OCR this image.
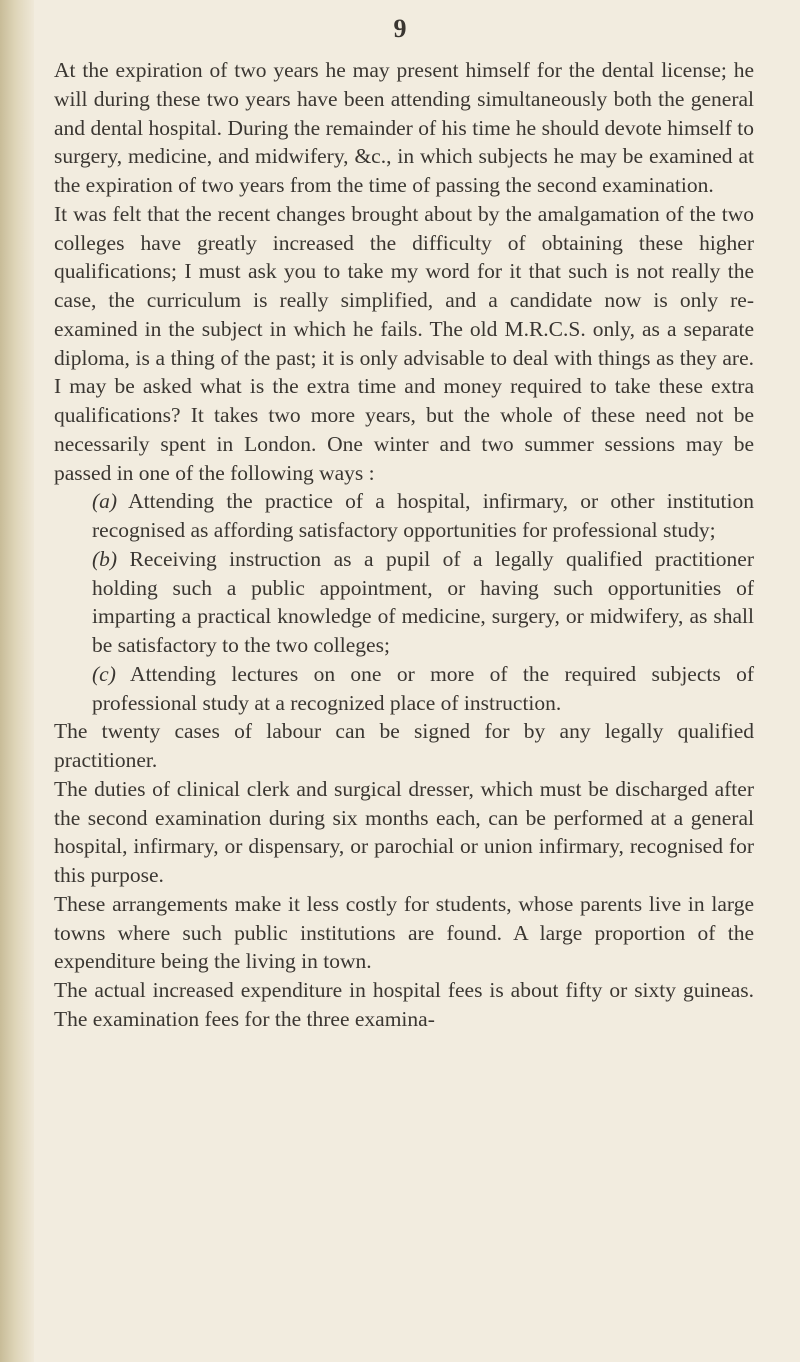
9

At the expiration of two years he may present himself for the dental license; he will during these two years have been attending simultaneously both the general and dental hospital. During the remainder of his time he should devote himself to surgery, medicine, and midwifery, &c., in which subjects he may be examined at the expiration of two years from the time of passing the second examination.

It was felt that the recent changes brought about by the amalgamation of the two colleges have greatly increased the difficulty of obtaining these higher qualifications; I must ask you to take my word for it that such is not really the case, the curriculum is really simplified, and a candidate now is only re-examined in the subject in which he fails. The old M.R.C.S. only, as a separate diploma, is a thing of the past; it is only advisable to deal with things as they are. I may be asked what is the extra time and money required to take these extra qualifications? It takes two more years, but the whole of these need not be necessarily spent in London. One winter and two summer sessions may be passed in one of the following ways :

(a) Attending the practice of a hospital, infirmary, or other institution recognised as affording satisfactory opportunities for professional study;

(b) Receiving instruction as a pupil of a legally qualified practitioner holding such a public appointment, or having such opportunities of imparting a practical knowledge of medicine, surgery, or midwifery, as shall be satisfactory to the two colleges;

(c) Attending lectures on one or more of the required subjects of professional study at a recognized place of instruction.

The twenty cases of labour can be signed for by any legally qualified practitioner.

The duties of clinical clerk and surgical dresser, which must be discharged after the second examination during six months each, can be performed at a general hospital, infirmary, or dispensary, or parochial or union infirmary, recognised for this purpose.

These arrangements make it less costly for students, whose parents live in large towns where such public institutions are found. A large proportion of the expenditure being the living in town.

The actual increased expenditure in hospital fees is about fifty or sixty guineas. The examination fees for the three examina-
